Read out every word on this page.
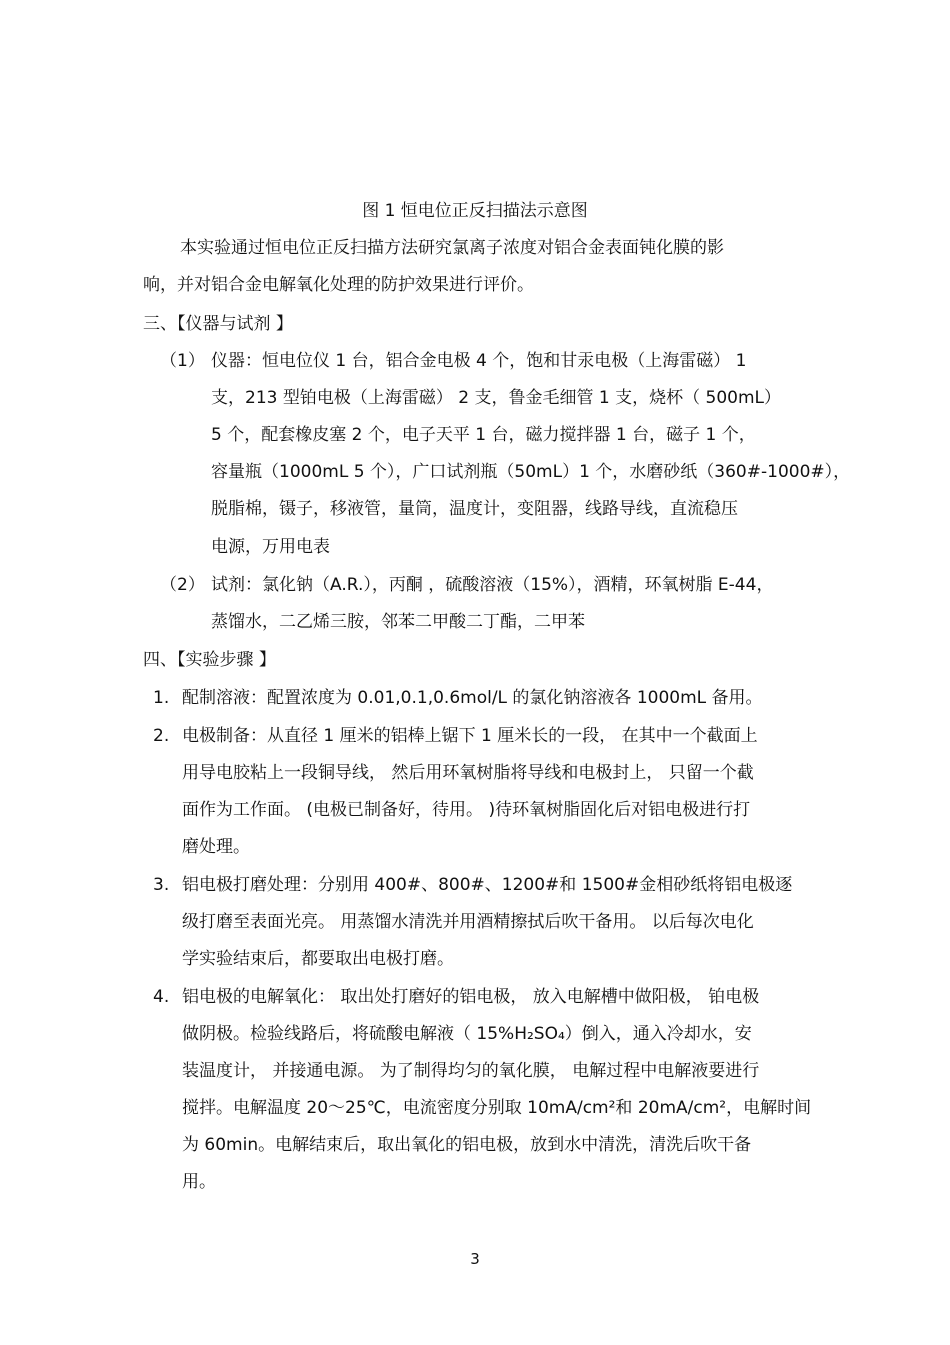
图 1 恒电位正反扫描法示意图
本实验通过恒电位正反扫描方法研究氯离子浓度对铝合金表面钝化膜的影
响，并对铝合金电解氧化处理的防护效果进行评价。
三、【仪器与试剂 】
（1） 仪器：恒电位仪 1 台，铝合金电极 4 个，饱和甘汞电极（上海雷磁） 1
支，213 型铂电极（上海雷磁） 2 支，鲁金毛细管 1 支，烧杯（ 500mL）
5 个，配套橡皮塞 2 个，电子天平 1 台，磁力搅拌器 1 台，磁子 1 个，
容量瓶（1000mL 5 个），广口试剂瓶（50mL）1 个，水磨砂纸（360#-1000#），
脱脂棉，镊子，移液管，量筒，温度计，变阻器，线路导线，直流稳压
电源，万用电表
（2） 试剂：氯化钠（A.R.），丙酮 ，硫酸溶液（15%），酒精，环氧树脂 E-44，
蒸馏水，二乙烯三胺，邻苯二甲酸二丁酯，二甲苯
四、【实验步骤 】
1. 配制溶液：配置浓度为 0.01,0.1,0.6mol/L 的氯化钠溶液各 1000mL 备用。
2. 电极制备：从直径 1 厘米的铝棒上锯下 1 厘米长的一段， 在其中一个截面上
用导电胶粘上一段铜导线， 然后用环氧树脂将导线和电极封上， 只留一个截
面作为工作面。 (电极已制备好，待用。 )待环氧树脂固化后对铝电极进行打
磨处理。
3. 铝电极打磨处理：分别用 400#、800#、1200#和 1500#金相砂纸将铝电极逐
级打磨至表面光亮。 用蒸馏水清洗并用酒精擦拭后吹干备用。 以后每次电化
学实验结束后，都要取出电极打磨。
4. 铝电极的电解氧化： 取出处打磨好的铝电极， 放入电解槽中做阳极， 铂电极
做阴极。检验线路后，将硫酸电解液（ 15%H₂SO₄）倒入，通入冷却水，安
装温度计， 并接通电源。 为了制得均匀的氧化膜， 电解过程中电解液要进行
搅拌。电解温度 20～25℃，电流密度分别取 10mA/cm²和 20mA/cm²，电解时间
为 60min。电解结束后，取出氧化的铝电极，放到水中清洗，清洗后吹干备
用。
3
